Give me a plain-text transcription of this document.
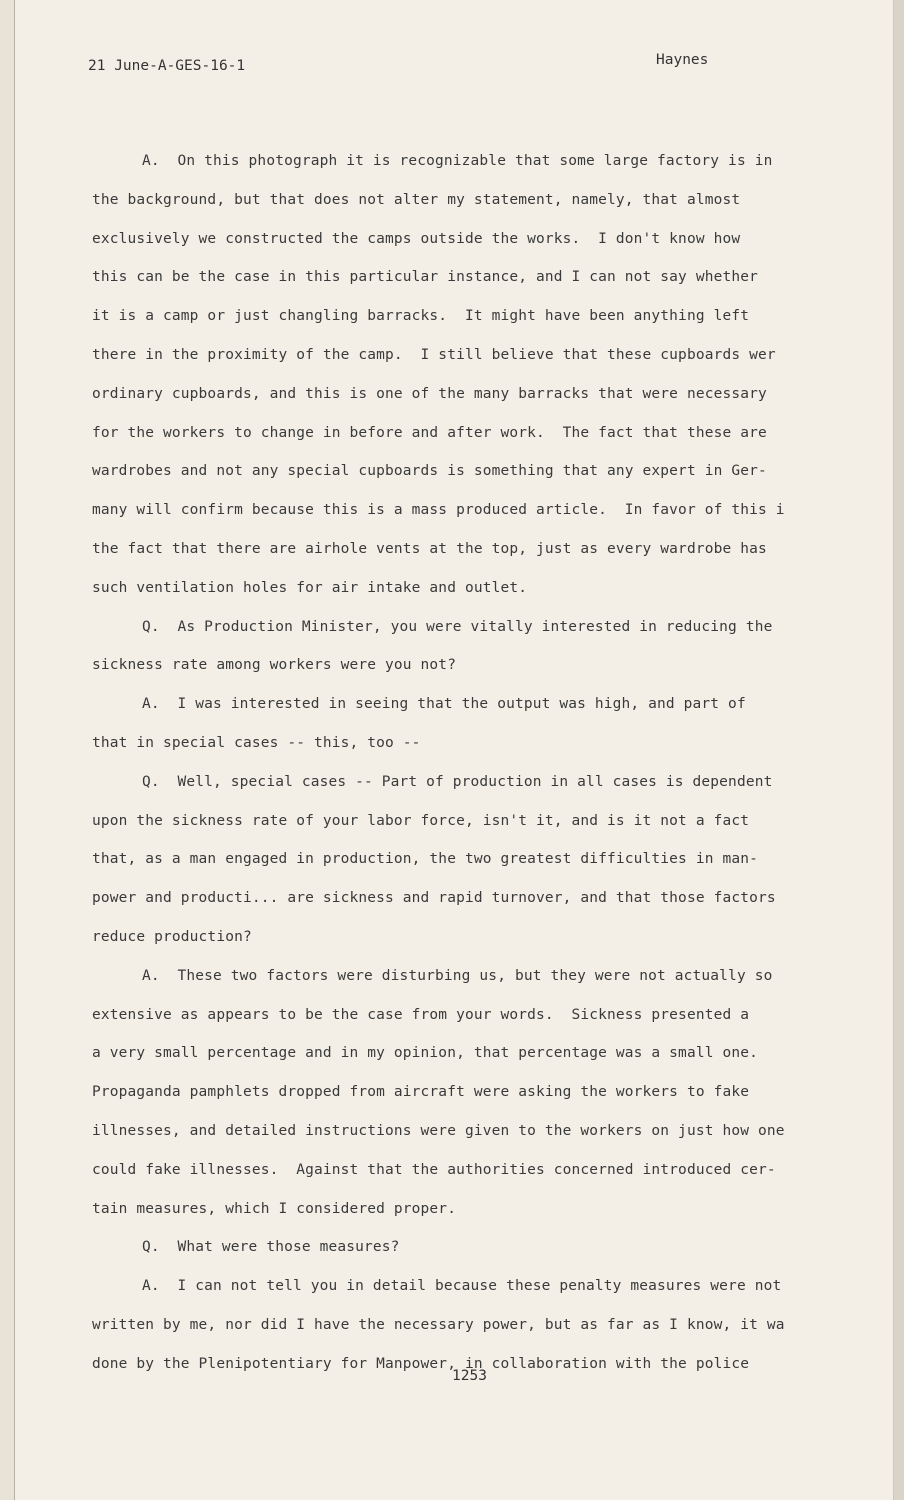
21 June-A-GES-16-1	Haynes
A.  On this photograph it is recognizable that some large factory is in
the background, but that does not alter my statement, namely, that almost
exclusively we constructed the camps outside the works.  I don't know how
this can be the case in this particular instance, and I can not say whether
it is a camp or just changling barracks.  It might have been anything left
there in the proximity of the camp.  I still believe that these cupboards wer
ordinary cupboards, and this is one of the many barracks that were necessary
for the workers to change in before and after work.  The fact that these are
wardrobes and not any special cupboards is something that any expert in Ger-
many will confirm because this is a mass produced article.  In favor of this i
the fact that there are airhole vents at the top, just as every wardrobe has
such ventilation holes for air intake and outlet.
Q.  As Production Minister, you were vitally interested in reducing the
sickness rate among workers were you not?
A.  I was interested in seeing that the output was high, and part of
that in special cases -- this, too --
Q.  Well, special cases -- Part of production in all cases is dependent
upon the sickness rate of your labor force, isn't it, and is it not a fact
that, as a man engaged in production, the two greatest difficulties in man-
power and producti... are sickness and rapid turnover, and that those factors
reduce production?
A.  These two factors were disturbing us, but they were not actually so
extensive as appears to be the case from your words.  Sickness presented a
a very small percentage and in my opinion, that percentage was a small one.
Propaganda pamphlets dropped from aircraft were asking the workers to fake
illnesses, and detailed instructions were given to the workers on just how one
could fake illnesses.  Against that the authorities concerned introduced cer-
tain measures, which I considered proper.
Q.  What were those measures?
A.  I can not tell you in detail because these penalty measures were not
written by me, nor did I have the necessary power, but as far as I know, it wa
done by the Plenipotentiary for Manpower, in collaboration with the police
1253
